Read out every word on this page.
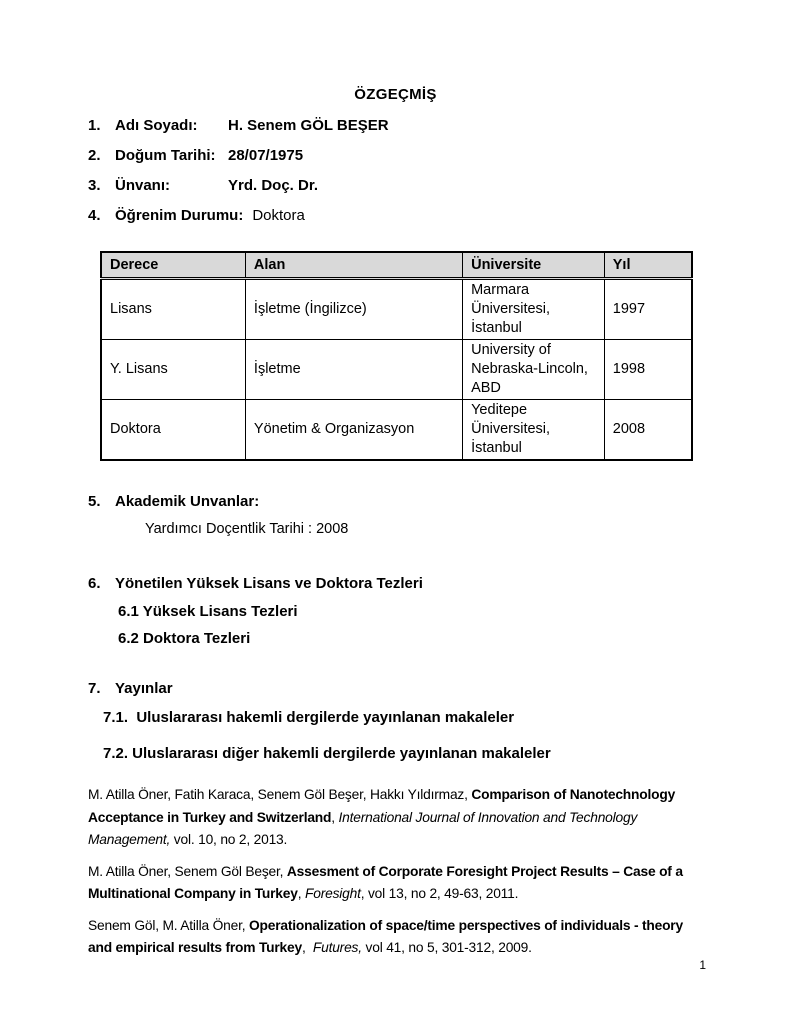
ÖZGEÇMİŞ
1. Adı Soyadı:	H. Senem GÖL BEŞER
2. Doğum Tarihi: 28/07/1975
3. Ünvanı:	Yrd. Doç. Dr.
4. Öğrenim Durumu: Doktora
Derece	Alan	Üniversite	Yıl
Lisans	İşletme (İngilizce)	Marmara Üniversitesi, İstanbul	1997
Y. Lisans	İşletme	University of Nebraska-Lincoln, ABD	1998
Doktora	Yönetim & Organizasyon	Yeditepe Üniversitesi, İstanbul	2008
5. Akademik Unvanlar:
Yardımcı Doçentlik Tarihi : 2008
6. Yönetilen Yüksek Lisans ve Doktora Tezleri
6.1 Yüksek Lisans Tezleri
6.2 Doktora Tezleri
7. Yayınlar
7.1.  Uluslararası hakemli dergilerde yayınlanan makaleler
7.2. Uluslararası diğer hakemli dergilerde yayınlanan makaleler

M. Atilla Öner, Fatih Karaca, Senem Göl Beşer, Hakkı Yıldırmaz, Comparison of Nanotechnology Acceptance in Turkey and Switzerland, International Journal of Innovation and Technology Management, vol. 10, no 2, 2013.

M. Atilla Öner, Senem Göl Beşer, Assesment of Corporate Foresight Project Results – Case of a Multinational Company in Turkey, Foresight, vol 13, no 2, 49-63, 2011.

Senem Göl, M. Atilla Öner, Operationalization of space/time perspectives of individuals - theory and empirical results from Turkey,  Futures, vol 41, no 5, 301-312, 2009.

1
